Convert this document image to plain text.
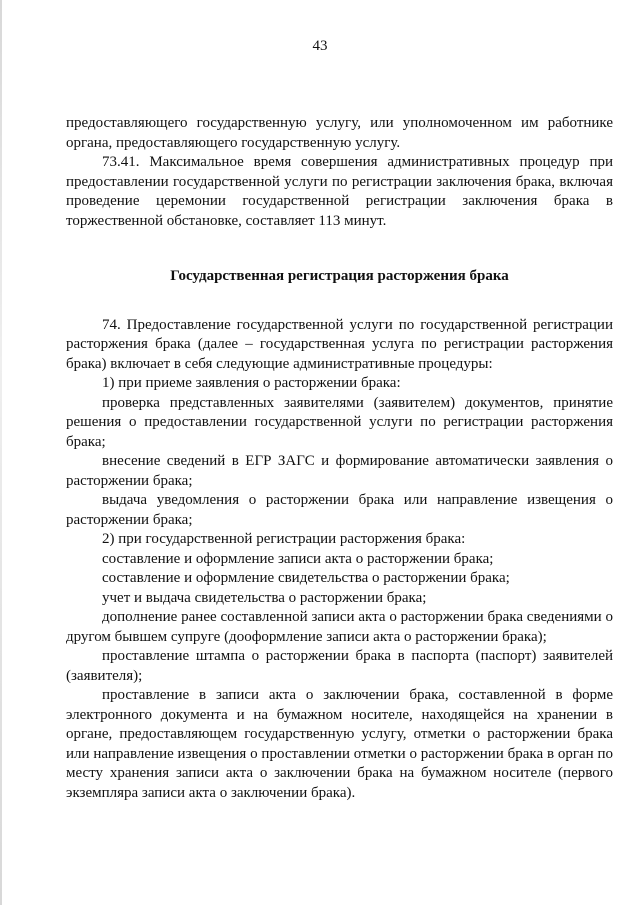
43

предоставляющего государственную услугу, или уполномоченном им работнике органа, предоставляющего государственную услугу.

73.41. Максимальное время совершения административных процедур при предоставлении государственной услуги по регистрации заключения брака, включая проведение церемонии государственной регистрации заключения брака в торжественной обстановке, составляет 113 минут.

Государственная регистрация расторжения брака

74. Предоставление государственной услуги по государственной регистрации расторжения брака (далее – государственная услуга по регистрации расторжения брака) включает в себя следующие административные процедуры:

1) при приеме заявления о расторжении брака:

проверка представленных заявителями (заявителем) документов, принятие решения о предоставлении государственной услуги по регистрации расторжения брака;

внесение сведений в ЕГР ЗАГС и формирование автоматически заявления о расторжении брака;

выдача уведомления о расторжении брака или направление извещения о расторжении брака;

2) при государственной регистрации расторжения брака:

составление и оформление записи акта о расторжении брака;

составление и оформление свидетельства о расторжении брака;

учет и выдача свидетельства о расторжении брака;

дополнение ранее составленной записи акта о расторжении брака сведениями о другом бывшем супруге (дооформление записи акта о расторжении брака);

проставление штампа о расторжении брака в паспорта (паспорт) заявителей (заявителя);

проставление в записи акта о заключении брака, составленной в форме электронного документа и на бумажном носителе, находящейся на хранении в органе, предоставляющем государственную услугу, отметки о расторжении брака или направление извещения о проставлении отметки о расторжении брака в орган по месту хранения записи акта о заключении брака на бумажном носителе (первого экземпляра записи акта о заключении брака).
